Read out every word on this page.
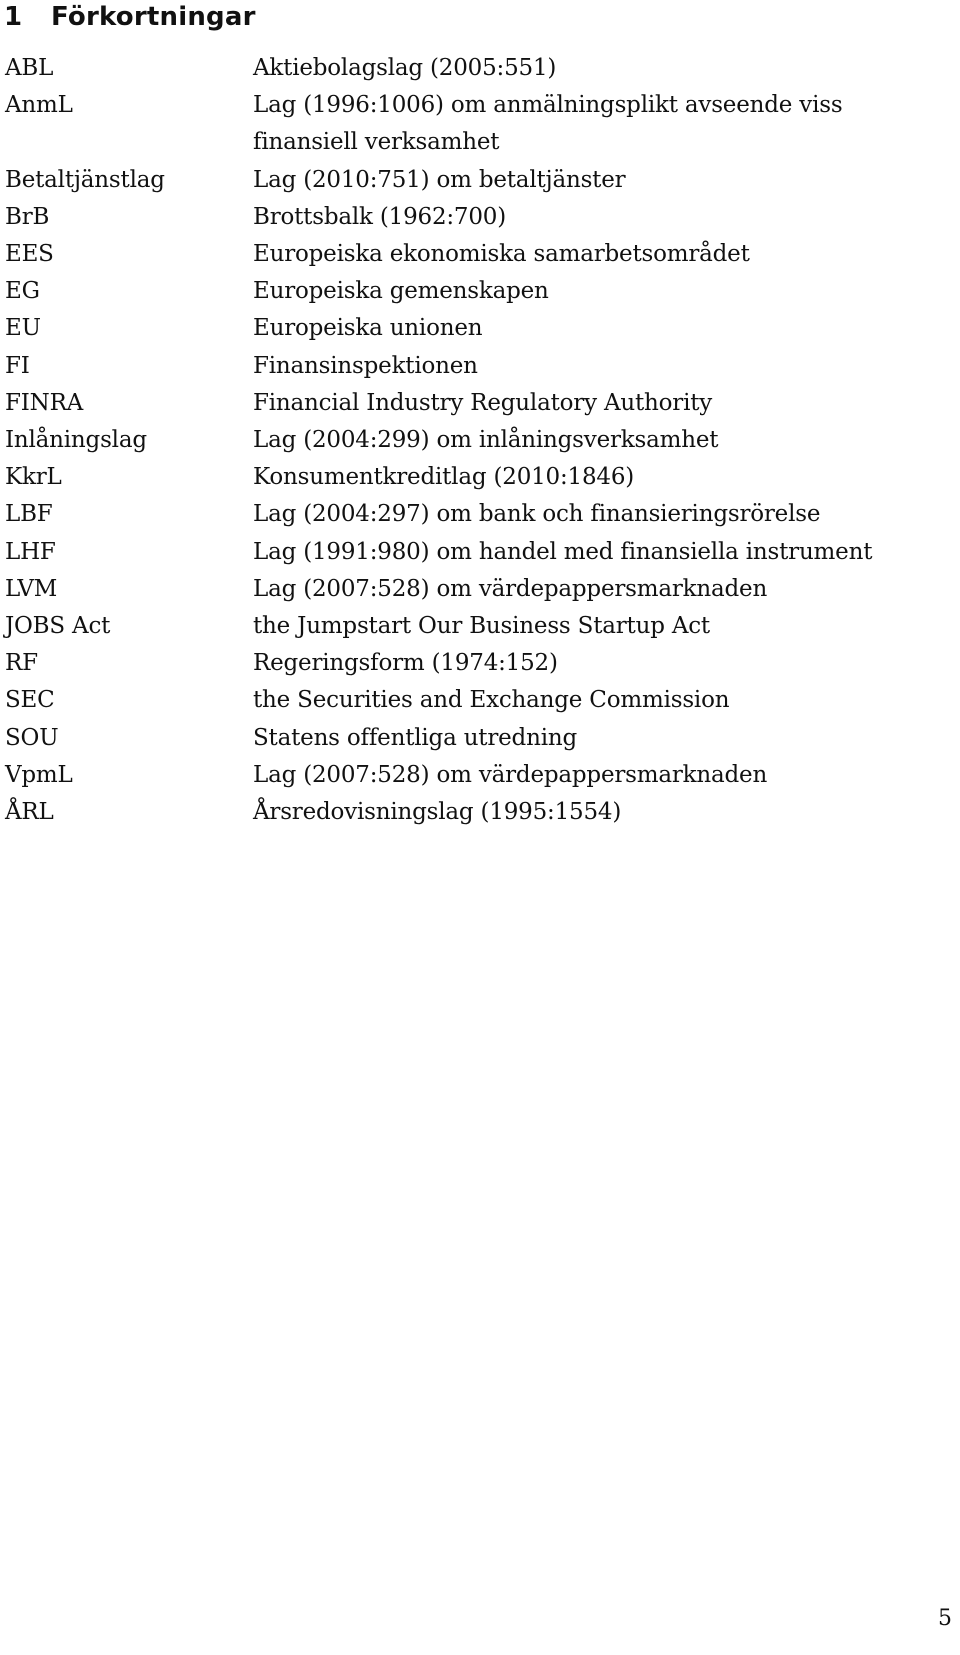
1	Förkortningar
ABL	Aktiebolagslag (2005:551)
AnmL	Lag (1996:1006) om anmälningsplikt avseende viss finansiell verksamhet
Betaltjänstlag	Lag (2010:751) om betaltjänster
BrB	Brottsbalk (1962:700)
EES	Europeiska ekonomiska samarbetsområdet
EG	Europeiska gemenskapen
EU	Europeiska unionen
FI	Finansinspektionen
FINRA	Financial Industry Regulatory Authority
Inlåningslag	Lag (2004:299) om inlåningsverksamhet
KkrL	Konsumentkreditlag (2010:1846)
LBF	Lag (2004:297) om bank och finansieringsrörelse
LHF	Lag (1991:980) om handel med finansiella instrument
LVM	Lag (2007:528) om värdepappersmarknaden
JOBS Act	the Jumpstart Our Business Startup Act
RF	Regeringsform (1974:152)
SEC	the Securities and Exchange Commission
SOU	Statens offentliga utredning
VpmL	Lag (2007:528) om värdepappersmarknaden
ÅRL	Årsredovisningslag (1995:1554)
5
